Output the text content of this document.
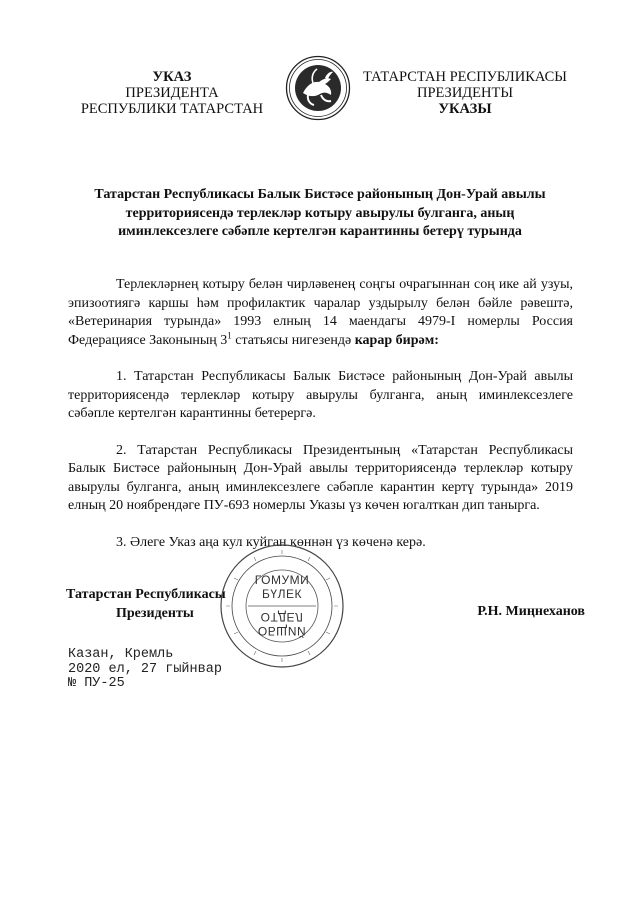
УКАЗ
ПРЕЗИДЕНТА
РЕСПУБЛИКИ ТАТАРСТАН
ТАТАРСТАН РЕСПУБЛИКАСЫ
ПРЕЗИДЕНТЫ
УКАЗЫ
Татарстан Республикасы Балык Бистәсе районының Дон-Урай авылы
территориясендә терлекләр котыру авырулы булганга, аның
иминлексезлеге сәбәпле кертелгән карантинны бетерү турында

Терлекләрнең котыру белән чирләвенең соңгы очрагыннан соң ике ай узуы, эпизоотиягә каршы һәм профилактик чаралар уздырылу белән бәйле рәвештә, «Ветеринария турында» 1993 елның 14 маендагы 4979-I номерлы Россия Федерациясе Законының $3^1$ статьясы нигезендә карар бирәм:

1. Татарстан Республикасы Балык Бистәсе районының Дон-Урай авылы территориясендә терлекләр котыру авырулы булганга, аның иминлексезлеге сәбәпле кертелгән карантинны бетерергә.

2. Татарстан Республикасы Президентының «Татарстан Республикасы Балык Бистәсе районының Дон-Урай авылы территориясендә терлекләр котыру авырулы булганга, аның иминлексезлеге сәбәпле карантин кертү турында» 2019 елның 20 ноябрендәге ПУ-693 номерлы Указы үз көчен югалткан дип танырга.

3. Әлеге Указ аңа кул куйган көннән үз көченә керә.

Татарстан Республикасы
Президенты
ГОМУМИ
БҮЛЕК
ОТДЕЛ
ОБЩИЙ
Р.Н. Миңнеханов
Казан, Кремль
2020 ел, 27 гыйнвар
№ ПУ-25
